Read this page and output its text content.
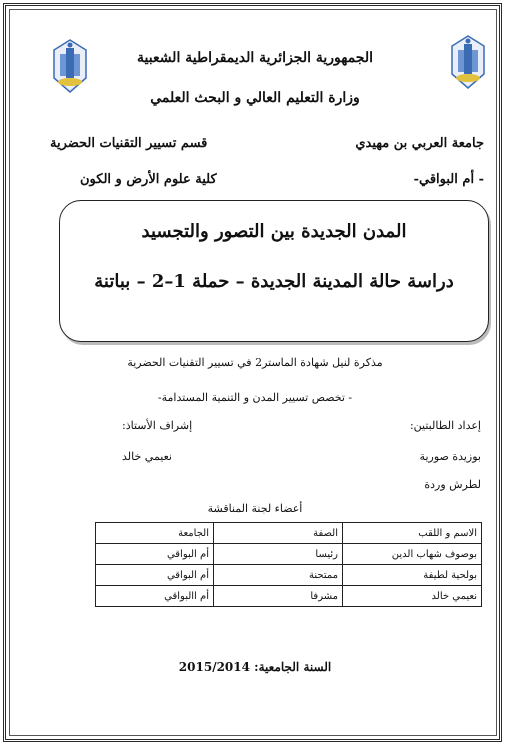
الجمهورية الجزائرية الديمقراطية الشعبية
وزارة التعليم العالي و البحث العلمي
جامعة العربي بن مهيدي
- أم البواقي-
قسم تسيير التقنيات الحضرية
كلية علوم الأرض و الكون
المدن الجديدة بين التصور والتجسيد
دراسة حالة المدينة الجديدة – حملة 1–2 – بباتنة
مذكرة لنيل شهادة الماستر2 في تسيير التقنيات الحضرية
- تخصص تسيير المدن و التنمية المستدامة-
إعداد الطالبتين:
بوزيدة صورية
لطرش وردة
إشراف الأستاذ:
نعيمي خالد
أعضاء لجنة المناقشة
الاسم و اللقب	الصفة	الجامعة
بوصوف شهاب الدين	رئيسا	أم البواقي
بولحية لطيفة	ممتحنة	أم البواقي
نعيمي خالد	مشرفا	أم االبواقي
السنة الجامعية: 2015/2014
